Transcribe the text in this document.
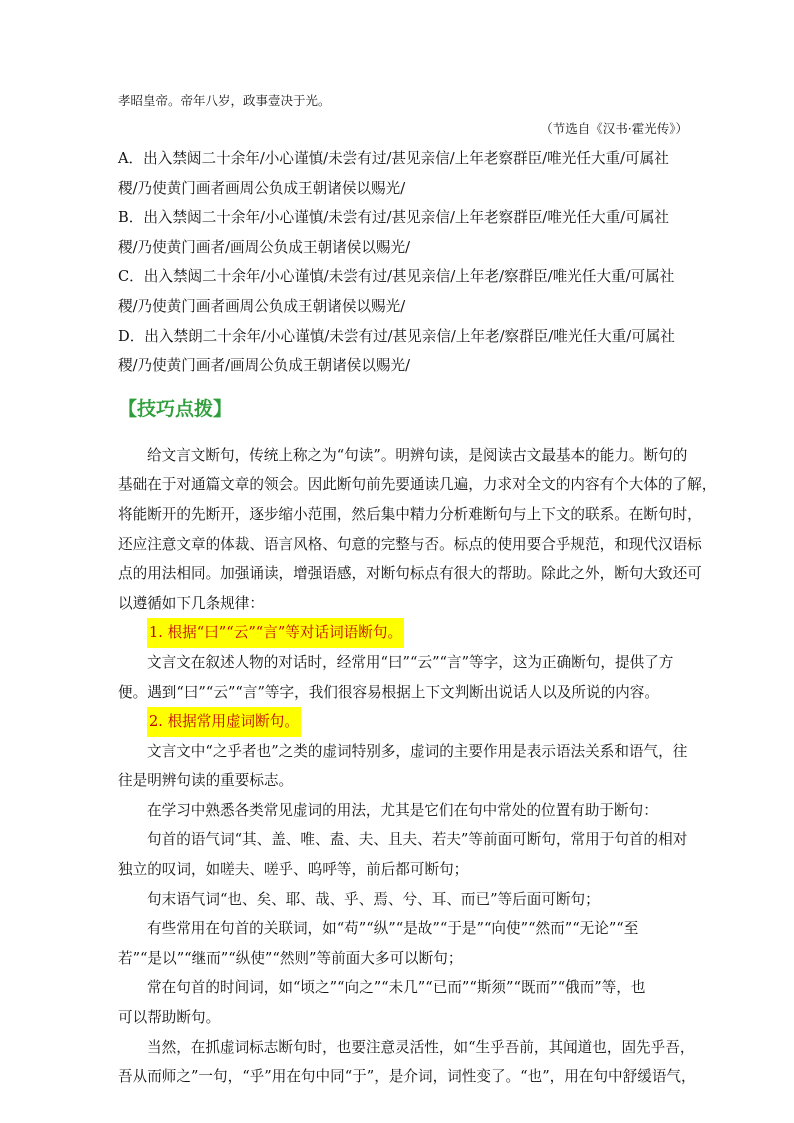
孝昭皇帝。帝年八岁，政事壹决于光。
（节选自《汉书·霍光传》）
A．出入禁闼二十余年/小心谨慎/未尝有过/甚见亲信/上年老察群臣/唯光任大重/可属社
稷/乃使黄门画者画周公负成王朝诸侯以赐光/
B．出入禁闼二十余年/小心谨慎/未尝有过/甚见亲信/上年老察群臣/唯光任大重/可属社
稷/乃使黄门画者/画周公负成王朝诸侯以赐光/
C．出入禁闼二十余年/小心谨慎/未尝有过/甚见亲信/上年老/察群臣/唯光任大重/可属社
稷/乃使黄门画者画周公负成王朝诸侯以赐光/
D．出入禁朗二十余年/小心谨慎/未尝有过/甚见亲信/上年老/察群臣/唯光任大重/可属社
稷/乃使黄门画者/画周公负成王朝诸侯以赐光/
【技巧点拨】
给文言文断句，传统上称之为“句读”。明辨句读，是阅读古文最基本的能力。断句的
基础在于对通篇文章的领会。因此断句前先要通读几遍，力求对全文的内容有个大体的了解，
将能断开的先断开，逐步缩小范围，然后集中精力分析难断句与上下文的联系。在断句时，
还应注意文章的体裁、语言风格、句意的完整与否。标点的使用要合乎规范，和现代汉语标
点的用法相同。加强诵读，增强语感，对断句标点有很大的帮助。除此之外，断句大致还可
以遵循如下几条规律：
1. 根据“曰”“云”“言”等对话词语断句。
文言文在叙述人物的对话时，经常用“曰”“云”“言”等字，这为正确断句，提供了方
便。遇到“曰”“云”“言”等字，我们很容易根据上下文判断出说话人以及所说的内容。
2. 根据常用虚词断句。
文言文中“之乎者也”之类的虚词特别多，虚词的主要作用是表示语法关系和语气，往
往是明辨句读的重要标志。
在学习中熟悉各类常见虚词的用法，尤其是它们在句中常处的位置有助于断句：
句首的语气词“其、盖、唯、盍、夫、且夫、若夫”等前面可断句，常用于句首的相对
独立的叹词，如嗟夫、嗟乎、呜呼等，前后都可断句；
句末语气词“也、矣、耶、哉、乎、焉、兮、耳、而已”等后面可断句；
有些常用在句首的关联词，如“苟”“纵”“是故”“于是”“向使”“然而”“无论”“至
若”“是以”“继而”“纵使”“然则”等前面大多可以断句；
常在句首的时间词，如“顷之”“向之”“未几”“已而”“斯须”“既而”“俄而”等，也
可以帮助断句。
当然，在抓虚词标志断句时，也要注意灵活性，如“生乎吾前，其闻道也，固先乎吾，
吾从而师之”一句，“乎”用在句中同“于”，是介词，词性变了。“也”，用在句中舒缓语气，
